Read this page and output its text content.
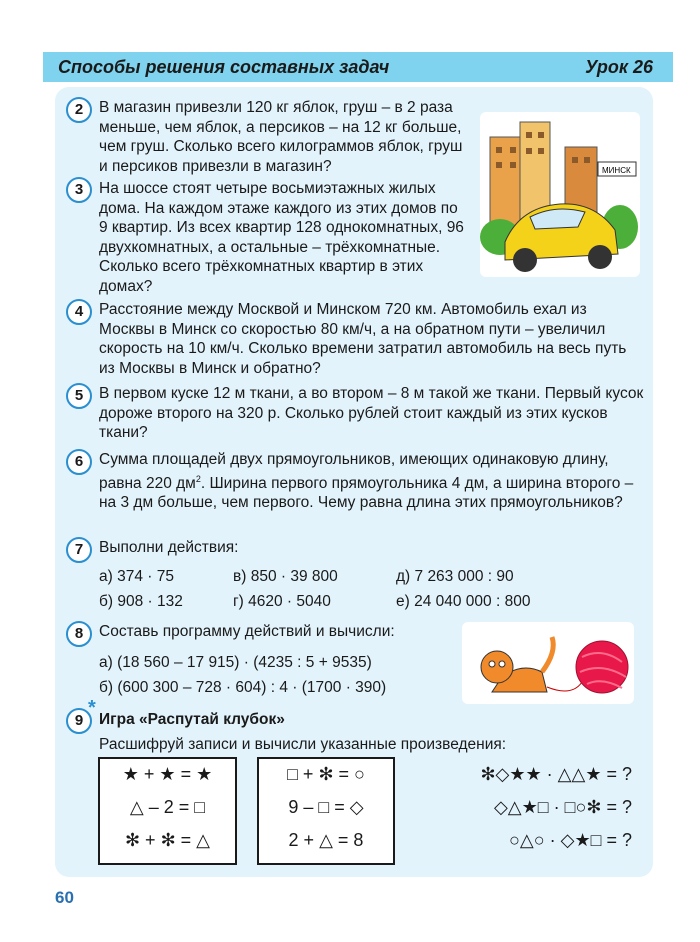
Способы решения составных задач	Урок 26
МИНСК
2	В магазин привезли 120 кг яблок, груш – в 2 раза меньше, чем яблок, а персиков – на 12 кг больше, чем груш. Сколько всего килограммов яблок, груш и персиков привезли в магазин?
3	На шоссе стоят четыре восьмиэтажных жилых дома. На каждом этаже каждого из этих домов по 9 квартир. Из всех квартир 128 однокомнатных, 96 двухкомнатных, а остальные – трёхкомнатные. Сколько всего трёхкомнатных квартир в этих домах?
4	Расстояние между Москвой и Минском 720 км. Автомобиль ехал из Москвы в Минск со скоростью 80 км/ч, а на обратном пути – увеличил скорость на 10 км/ч. Сколько времени затратил автомобиль на весь путь из Москвы в Минск и обратно?
5	В первом куске 12 м ткани, а во втором – 8 м такой же ткани. Первый кусок дороже второго на 320 р. Сколько рублей стоит каждый из этих кусков ткани?
6	Сумма площадей двух прямоугольников, имеющих одинаковую длину, равна 220 $дм^2$. Ширина первого прямоугольника 4 дм, а ширина второго – на 3 дм больше, чем первого. Чему равна длина этих прямоугольников?
7	Выполни действия:
а) 374 · 75	в) 850 · 39 800	д) 7 263 000 : 90
б) 908 · 132	г) 4620 · 5040	е) 24 040 000 : 800
8	Составь программу действий и вычисли:
а) (18 560 – 17 915) · (4235 : 5 + 9535)
б) (600 300 – 728 · 604) : 4 · (1700 · 390)
9
*
Игра «Распутай клубок»
Расшифруй записи и вычисли указанные произведения:
★ + ★ = ★
△ – 2 = □
✻ + ✻ = △
□ + ✻ = ○
9 – □ = ◇
2 + △ = 8
✻◇★★ · △△★ = ?
◇△★□ · □○✻ = ?
○△○ · ◇★□ = ?
60
